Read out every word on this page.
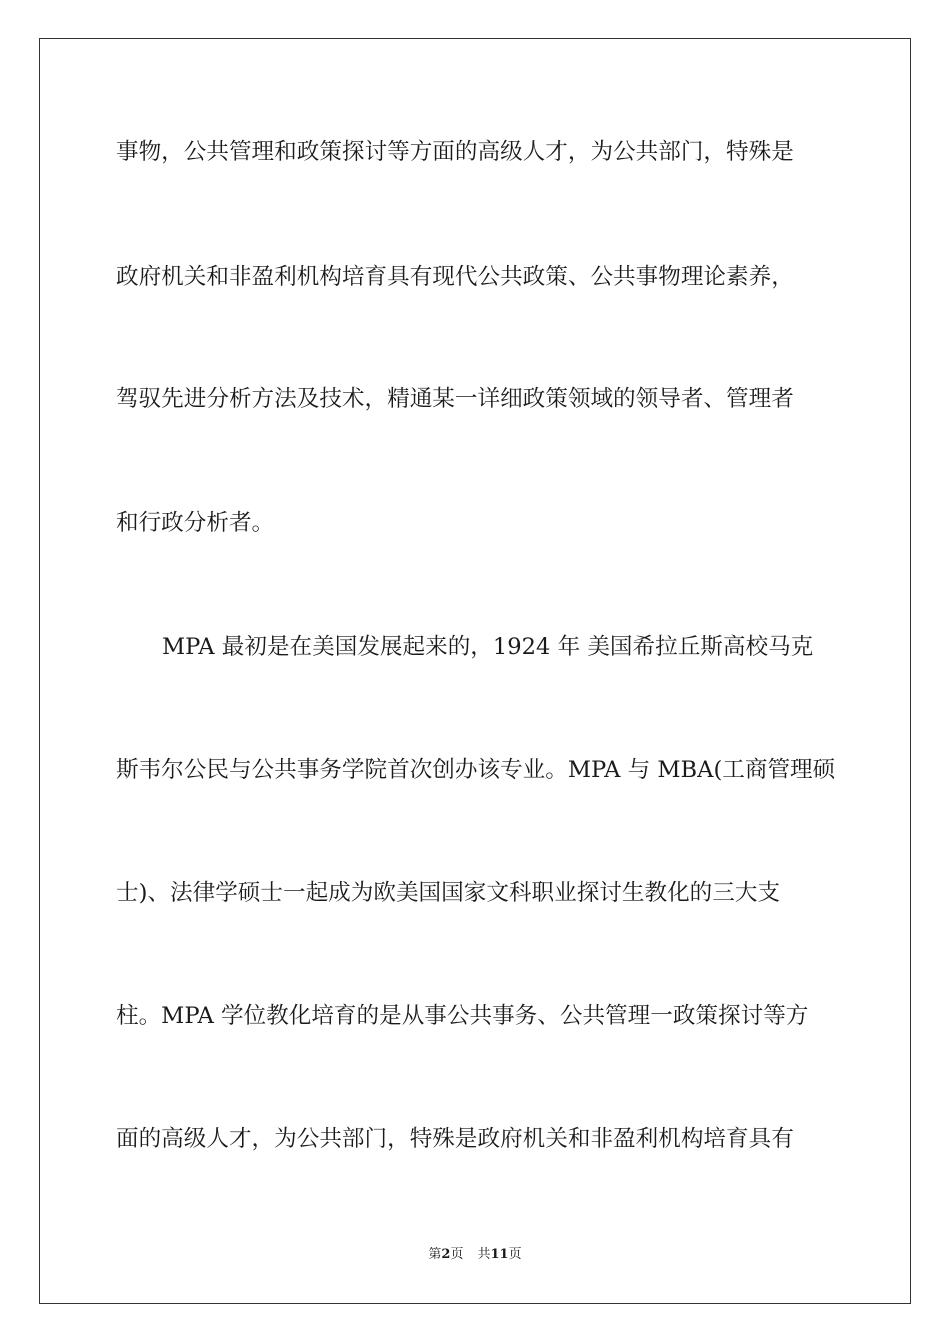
事物，公共管理和政策探讨等方面的高级人才，为公共部门，特殊是
政府机关和非盈利机构培育具有现代公共政策、公共事物理论素养，
驾驭先进分析方法及技术，精通某一详细政策领域的领导者、管理者
和行政分析者。
MPA 最初是在美国发展起来的，1924 年 美国希拉丘斯高校马克
斯韦尔公民与公共事务学院首次创办该专业。MPA 与 MBA(工商管理硕
士)、法律学硕士一起成为欧美国国家文科职业探讨生教化的三大支
柱。MPA 学位教化培育的是从事公共事务、公共管理一政策探讨等方
面的高级人才，为公共部门，特殊是政府机关和非盈利机构培育具有
第2页 共11页
